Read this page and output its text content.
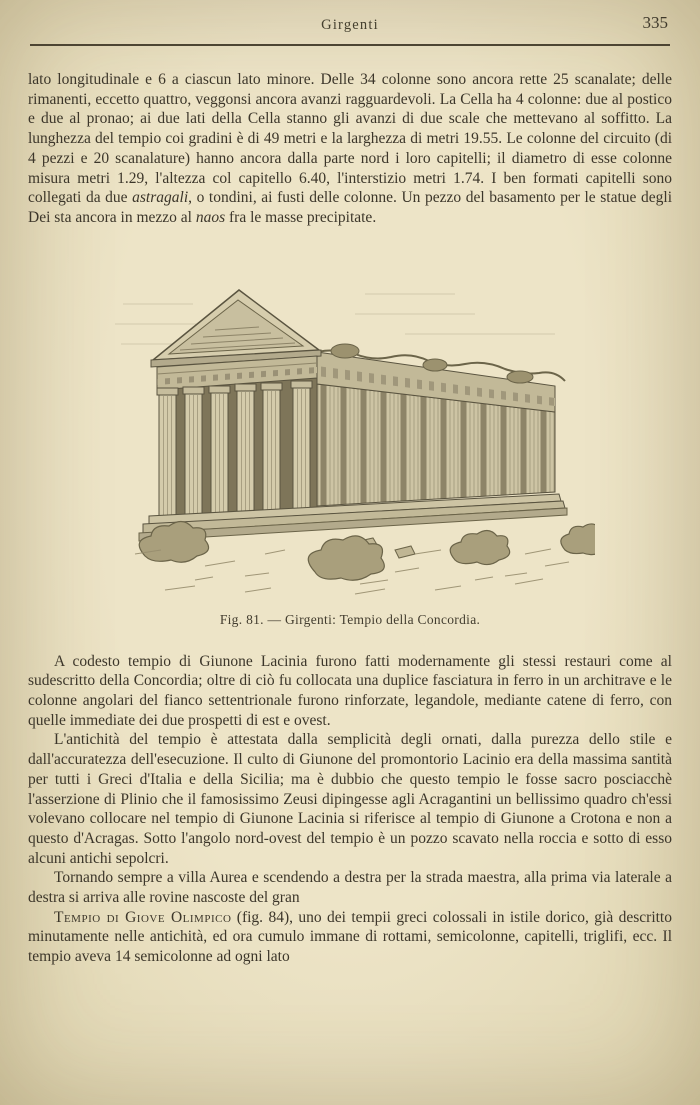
Girgenti	335

lato longitudinale e 6 a ciascun lato minore. Delle 34 colonne sono ancora rette 25 scanalate; delle rimanenti, eccetto quattro, veggonsi ancora avanzi ragguardevoli. La Cella ha 4 colonne: due al postico e due al pronao; ai due lati della Cella stanno gli avanzi di due scale che mettevano al soffitto. La lunghezza del tempio coi gradini è di 49 metri e la larghezza di metri 19.55. Le colonne del circuito (di 4 pezzi e 20 scanalature) hanno ancora dalla parte nord i loro capitelli; il diametro di esse colonne misura metri 1.29, l'altezza col capitello 6.40, l'interstizio metri 1.74. I ben formati capitelli sono collegati da due astragali, o tondini, ai fusti delle colonne. Un pezzo del basamento per le statue degli Dei sta ancora in mezzo al naos fra le masse precipitate.

Fig. 81. — Girgenti: Tempio della Concordia.

A codesto tempio di Giunone Lacinia furono fatti modernamente gli stessi restauri come al sudescritto della Concordia; oltre di ciò fu collocata una duplice fasciatura in ferro in un architrave e le colonne angolari del fianco settentrionale furono rinforzate, legandole, mediante catene di ferro, con quelle immediate dei due prospetti di est e ovest.

L'antichità del tempio è attestata dalla semplicità degli ornati, dalla purezza dello stile e dall'accuratezza dell'esecuzione. Il culto di Giunone del promontorio Lacinio era della massima santità per tutti i Greci d'Italia e della Sicilia; ma è dubbio che questo tempio le fosse sacro posciacchè l'asserzione di Plinio che il famosissimo Zeusi dipingesse agli Acragantini un bellissimo quadro ch'essi volevano collocare nel tempio di Giunone Lacinia si riferisce al tempio di Giunone a Crotona e non a questo d'Acragas. Sotto l'angolo nord-ovest del tempio è un pozzo scavato nella roccia e sotto di esso alcuni antichi sepolcri.

Tornando sempre a villa Aurea e scendendo a destra per la strada maestra, alla prima via laterale a destra si arriva alle rovine nascoste del gran

Tempio di Giove Olimpico (fig. 84), uno dei tempii greci colossali in istile dorico, già descritto minutamente nelle antichità, ed ora cumulo immane di rottami, semicolonne, capitelli, triglifi, ecc. Il tempio aveva 14 semicolonne ad ogni lato
